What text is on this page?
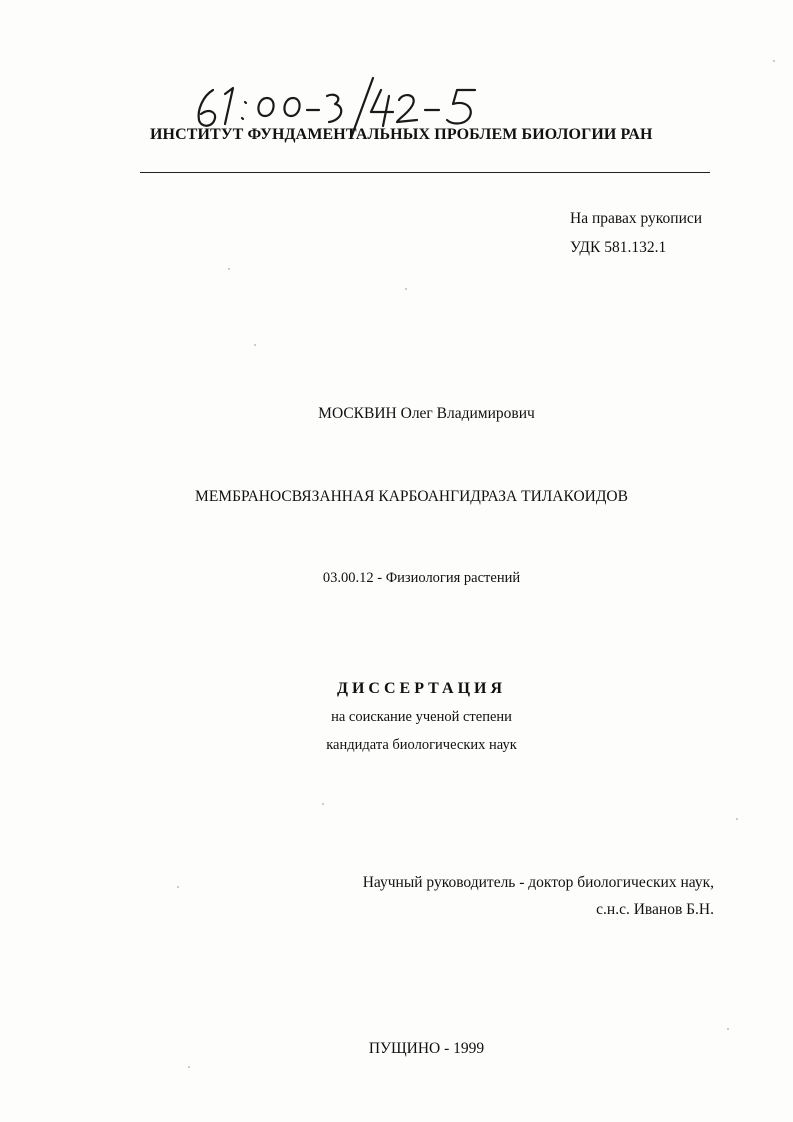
ИНСТИТУТ ФУНДАМЕНТАЛЬНЫХ ПРОБЛЕМ БИОЛОГИИ РАН
На правах рукописи
УДК 581.132.1
МОСКВИН Олег Владимирович
МЕМБРАНОСВЯЗАННАЯ КАРБОАНГИДРАЗА ТИЛАКОИДОВ
03.00.12 - Физиология растений
ДИССЕРТАЦИЯ
на соискание ученой степени
кандидата биологических наук
Научный руководитель - доктор биологических наук,
с.н.с. Иванов Б.Н.
ПУЩИНО - 1999
